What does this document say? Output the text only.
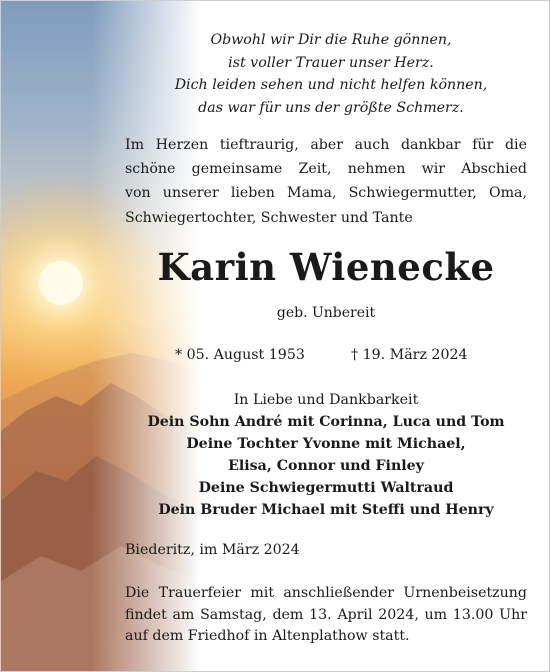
Obwohl wir Dir die Ruhe gönnen,
ist voller Trauer unser Herz.
Dich leiden sehen und nicht helfen können,
das war für uns der größte Schmerz.

Im Herzen tieftraurig, aber auch dankbar für die
schöne gemeinsame Zeit, nehmen wir Abschied
von unserer lieben Mama, Schwiegermutter, Oma,
Schwiegertochter, Schwester und Tante

Karin Wienecke

geb. Unbereit

* 05. August 1953	† 19. März 2024
In Liebe und Dankbarkeit
Dein Sohn André mit Corinna, Luca und Tom
Deine Tochter Yvonne mit Michael,
Elisa, Connor und Finley
Deine Schwiegermutti Waltraud
Dein Bruder Michael mit Steffi und Henry

Biederitz, im März 2024

Die Trauerfeier mit anschließender Urnenbeisetzung
findet am Samstag, dem 13. April 2024, um 13.00 Uhr
auf dem Friedhof in Altenplathow statt.
